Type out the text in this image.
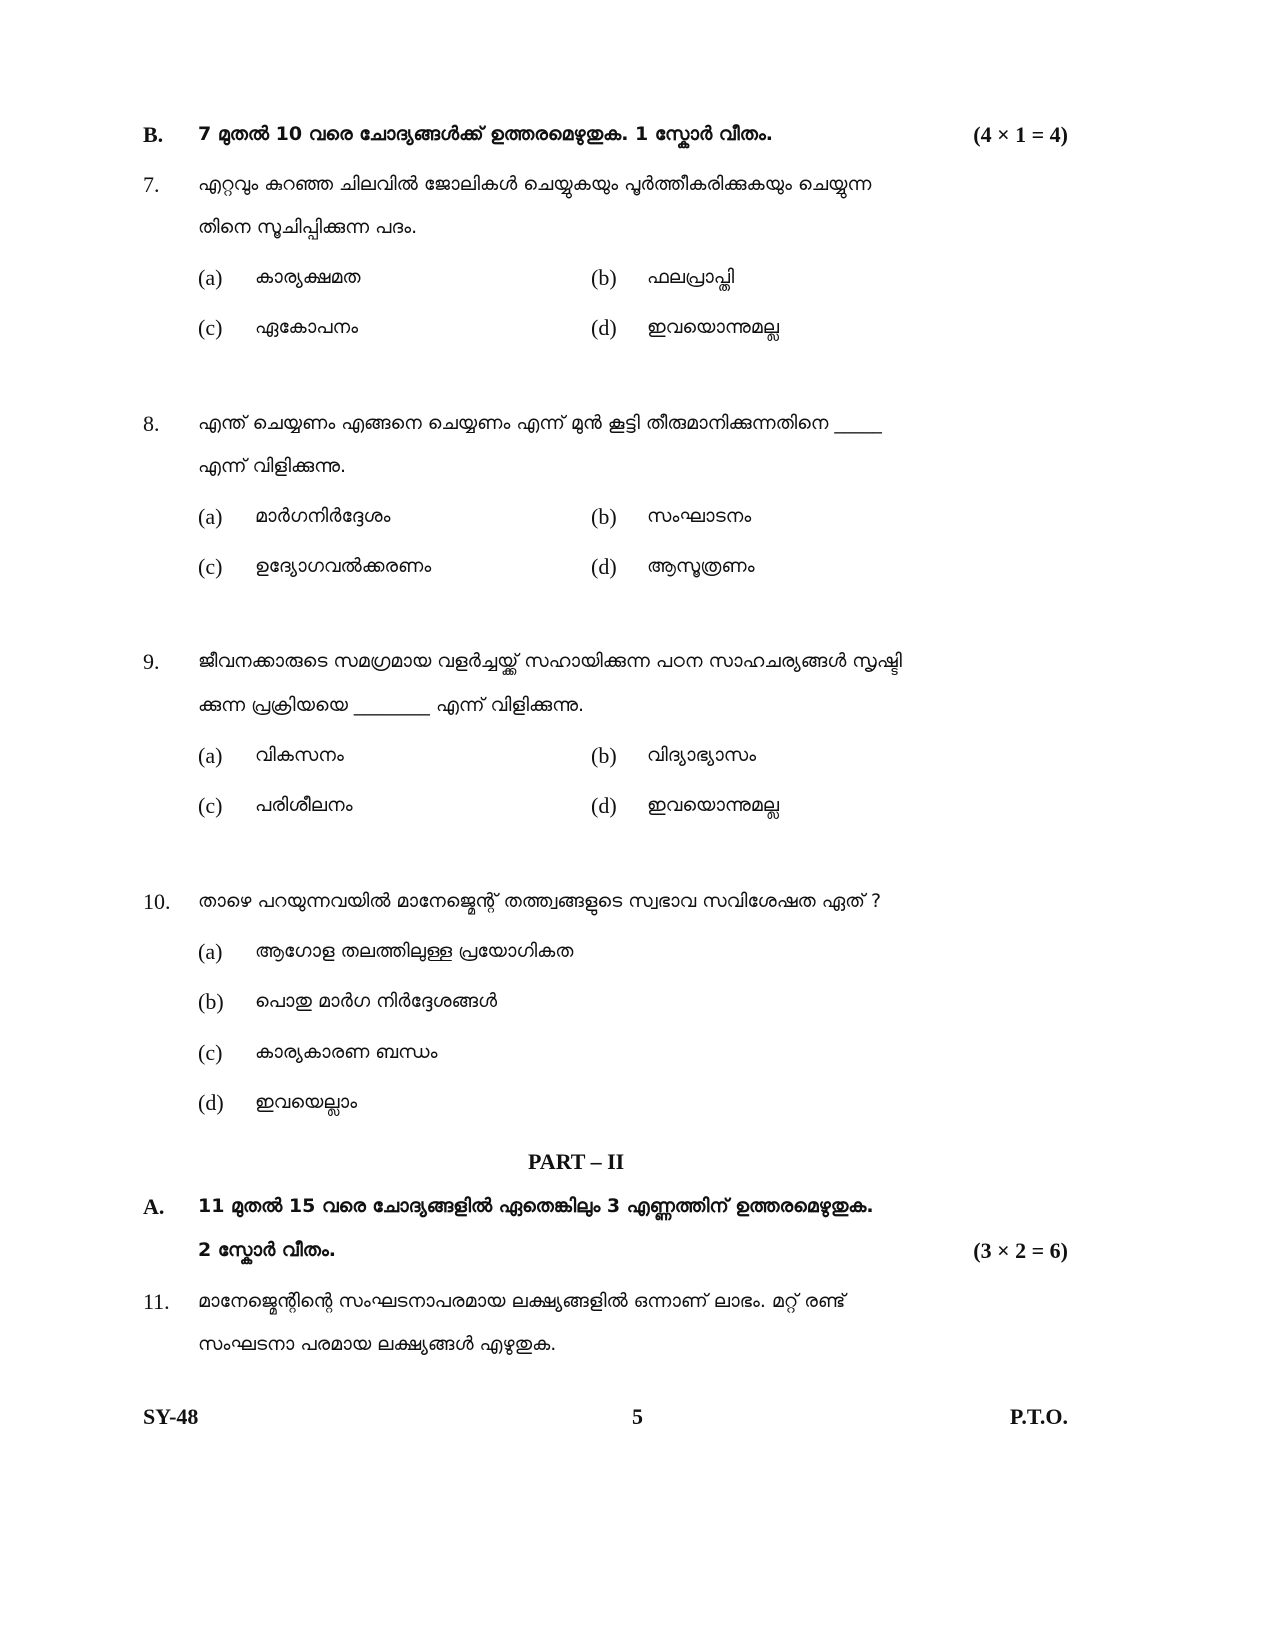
B. 7 മുതൽ 10 വരെ ചോദ്യങ്ങൾക്ക് ഉത്തരമെഴുതുക. 1 സ്കോർ വീതം.	(4 × 1 = 4)
7. എറ്റവും കുറഞ്ഞ ചിലവിൽ ജോലികൾ ചെയ്യുകയും പൂർത്തീകരിക്കുകയും ചെയ്യുന്ന
തിനെ സൂചിപ്പിക്കുന്ന പദം.
(a) കാര്യക്ഷമത	(b) ഫലപ്രാപ്തി
(c) ഏകോപനം	(d) ഇവയൊന്നുമല്ല
8. എന്ത് ചെയ്യണം എങ്ങനെ ചെയ്യണം എന്ന് മുൻ കൂട്ടി തീരുമാനിക്കുന്നതിനെ _____
എന്ന് വിളിക്കുന്നു.
(a) മാർഗനിർദ്ദേശം	(b) സംഘാടനം
(c) ഉദ്യോഗവൽക്കരണം	(d) ആസൂത്രണം
9. ജീവനക്കാരുടെ സമഗ്രമായ വളർച്ചയ്ക്ക് സഹായിക്കുന്ന പഠന സാഹചര്യങ്ങൾ സൃഷ്ടി
ക്കുന്ന പ്രക്രിയയെ ________ എന്ന് വിളിക്കുന്നു.
(a) വികസനം	(b) വിദ്യാഭ്യാസം
(c) പരിശീലനം	(d) ഇവയൊന്നുമല്ല
10. താഴെ പറയുന്നവയിൽ മാനേജ്മെന്റ് തത്ത്വങ്ങളുടെ സ്വഭാവ സവിശേഷത ഏത് ?
(a) ആഗോള തലത്തിലുള്ള പ്രയോഗികത
(b) പൊതു മാർഗ നിർദ്ദേശങ്ങൾ
(c) കാര്യകാരണ ബന്ധം
(d) ഇവയെല്ലാം
PART – II
A. 11 മുതൽ 15 വരെ ചോദ്യങ്ങളിൽ ഏതെങ്കിലും 3 എണ്ണത്തിന് ഉത്തരമെഴുതുക.
2 സ്കോർ വീതം.	(3 × 2 = 6)
11. മാനേജ്മെന്റിന്റെ സംഘടനാപരമായ ലക്ഷ്യങ്ങളിൽ ഒന്നാണ് ലാഭം. മറ്റ് രണ്ട്
സംഘടനാ പരമായ ലക്ഷ്യങ്ങൾ എഴുതുക.
SY-48	5	P.T.O.
